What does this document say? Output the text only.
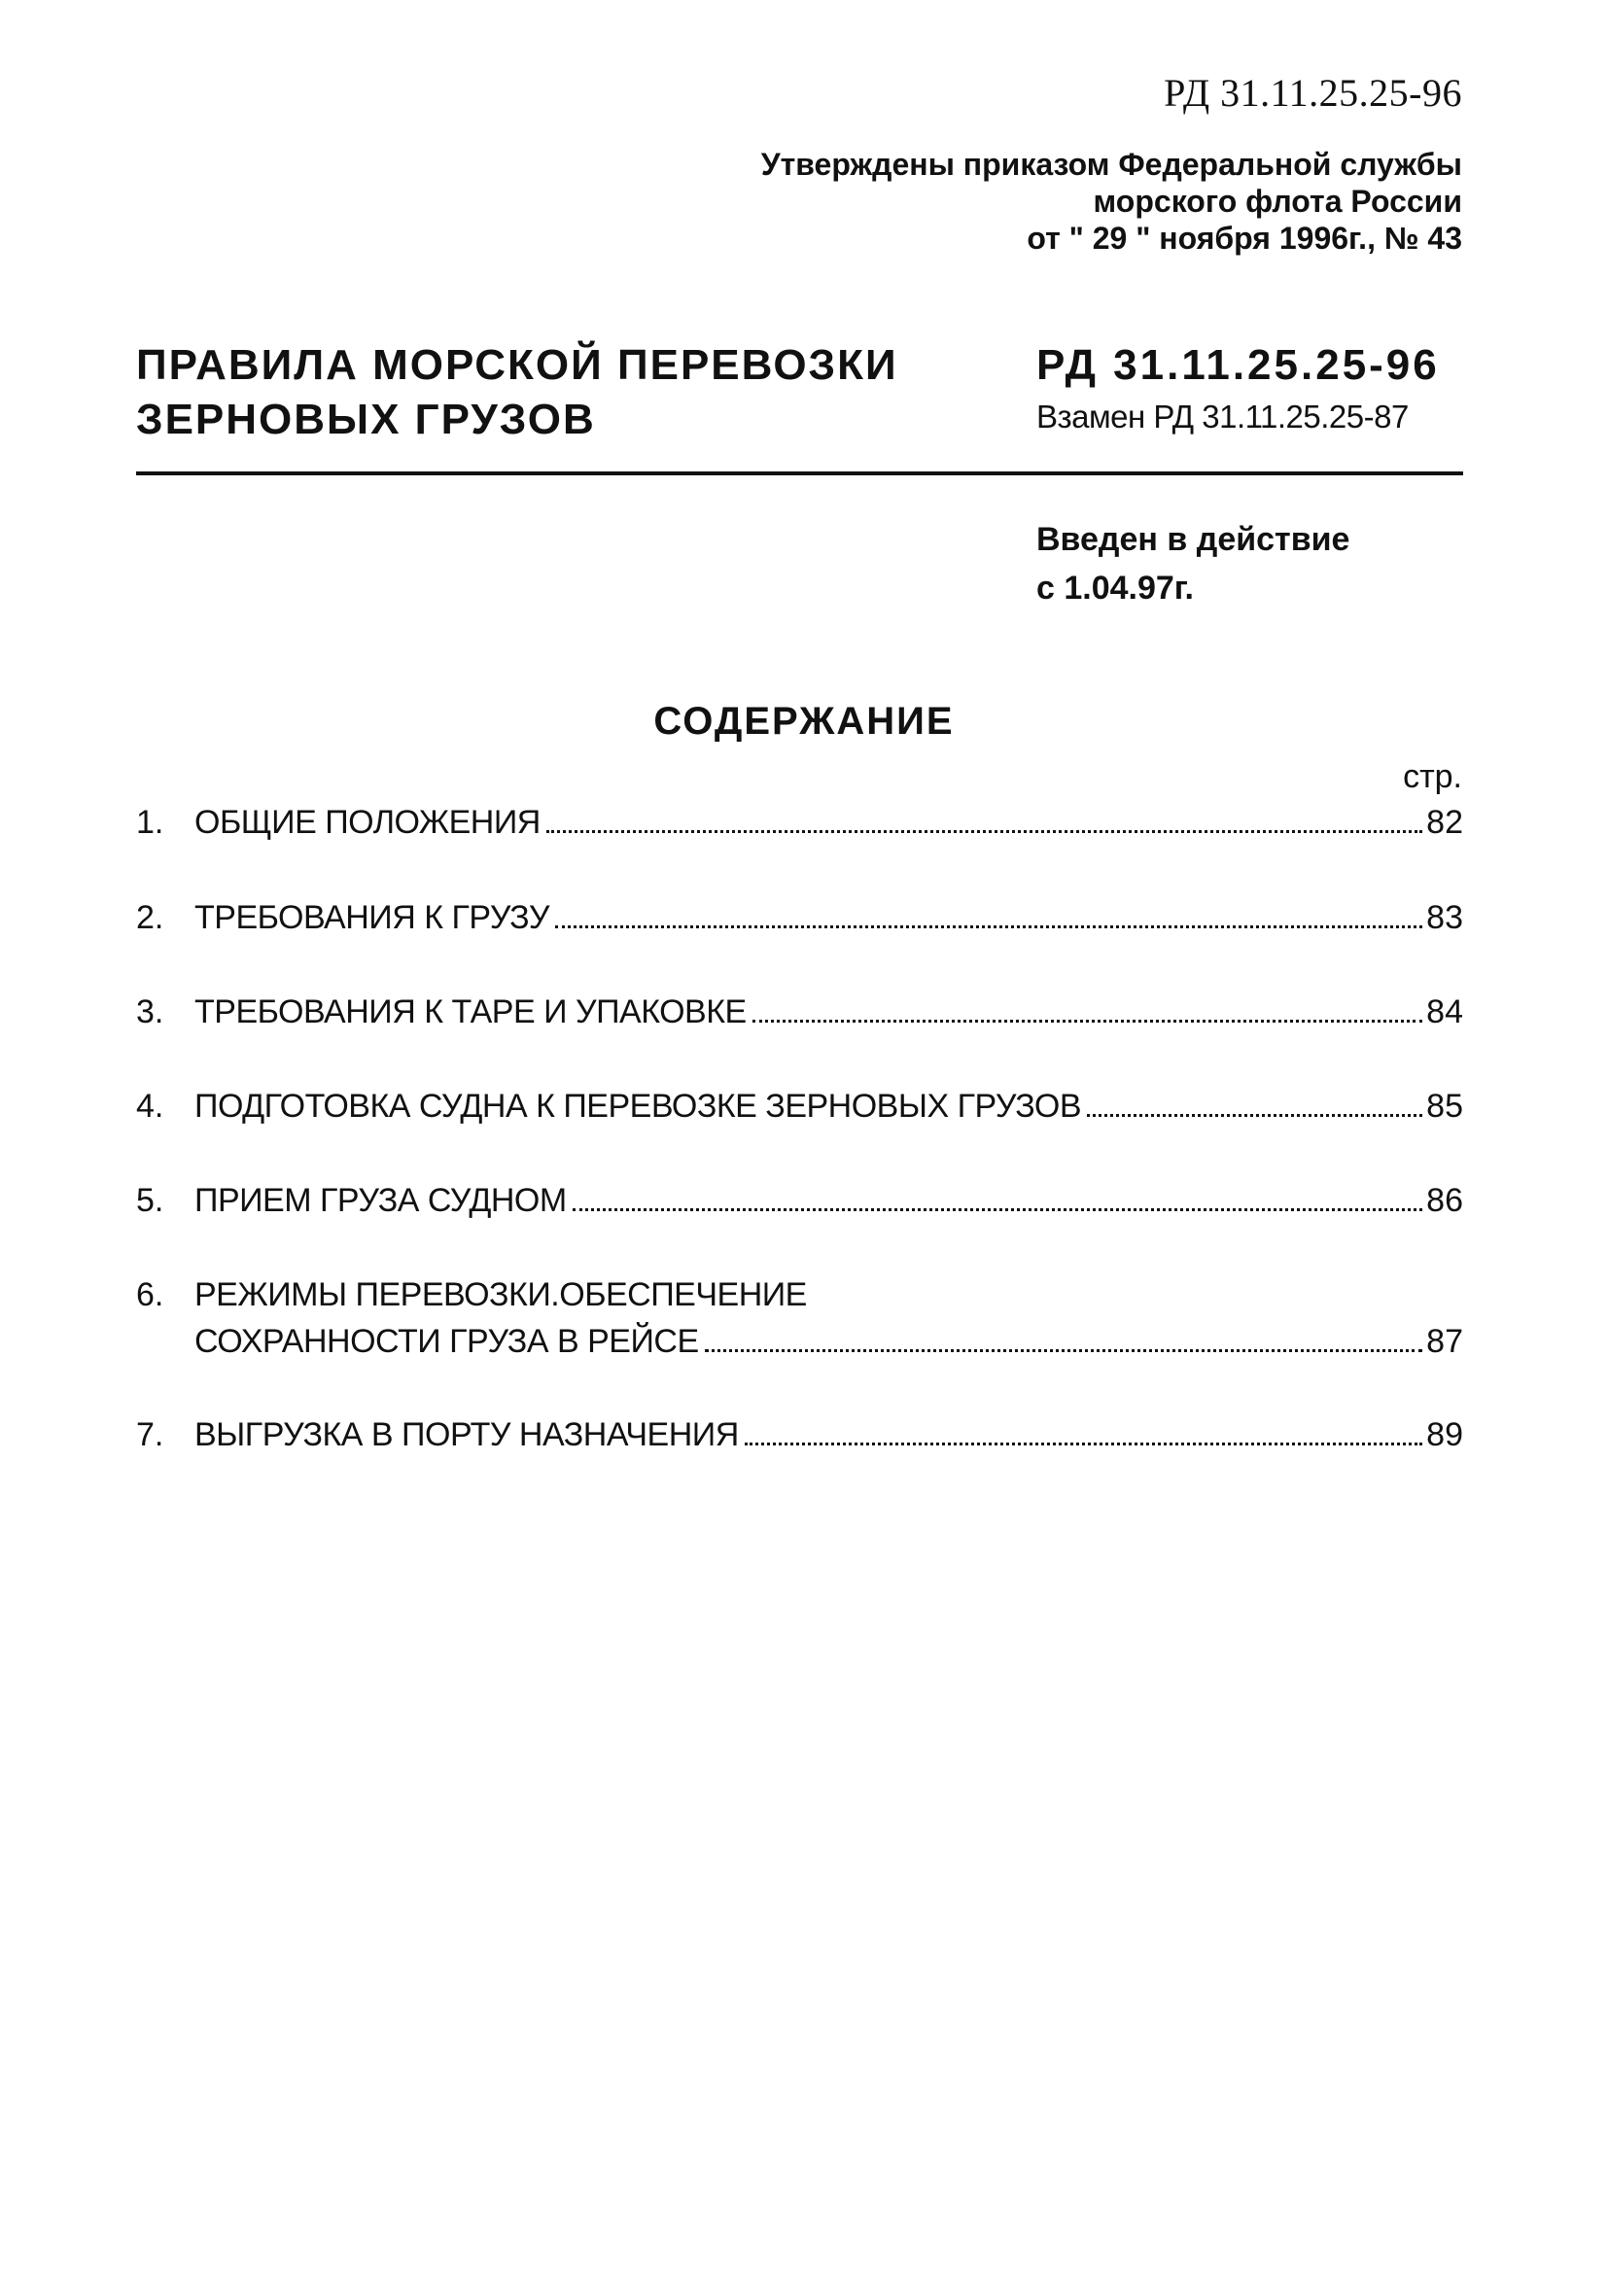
РД 31.11.25.25-96
Утверждены приказом Федеральной службы
морского флота России
от " 29 " ноября 1996г., № 43
ПРАВИЛА МОРСКОЙ ПЕРЕВОЗКИ
ЗЕРНОВЫХ ГРУЗОВ
РД 31.11.25.25-96
Взамен РД 31.11.25.25-87
Введен в действие
с 1.04.97г.
СОДЕРЖАНИЕ
стр.
1. ОБЩИЕ ПОЛОЖЕНИЯ	82
2. ТРЕБОВАНИЯ К ГРУЗУ	83
3. ТРЕБОВАНИЯ К ТАРЕ И УПАКОВКЕ	84
4. ПОДГОТОВКА СУДНА К ПЕРЕВОЗКЕ ЗЕРНОВЫХ ГРУЗОВ	85
5. ПРИЕМ ГРУЗА СУДНОМ	86
6. РЕЖИМЫ ПЕРЕВОЗКИ.ОБЕСПЕЧЕНИЕ
СОХРАННОСТИ ГРУЗА В РЕЙСЕ	87
7. ВЫГРУЗКА В ПОРТУ НАЗНАЧЕНИЯ	89
